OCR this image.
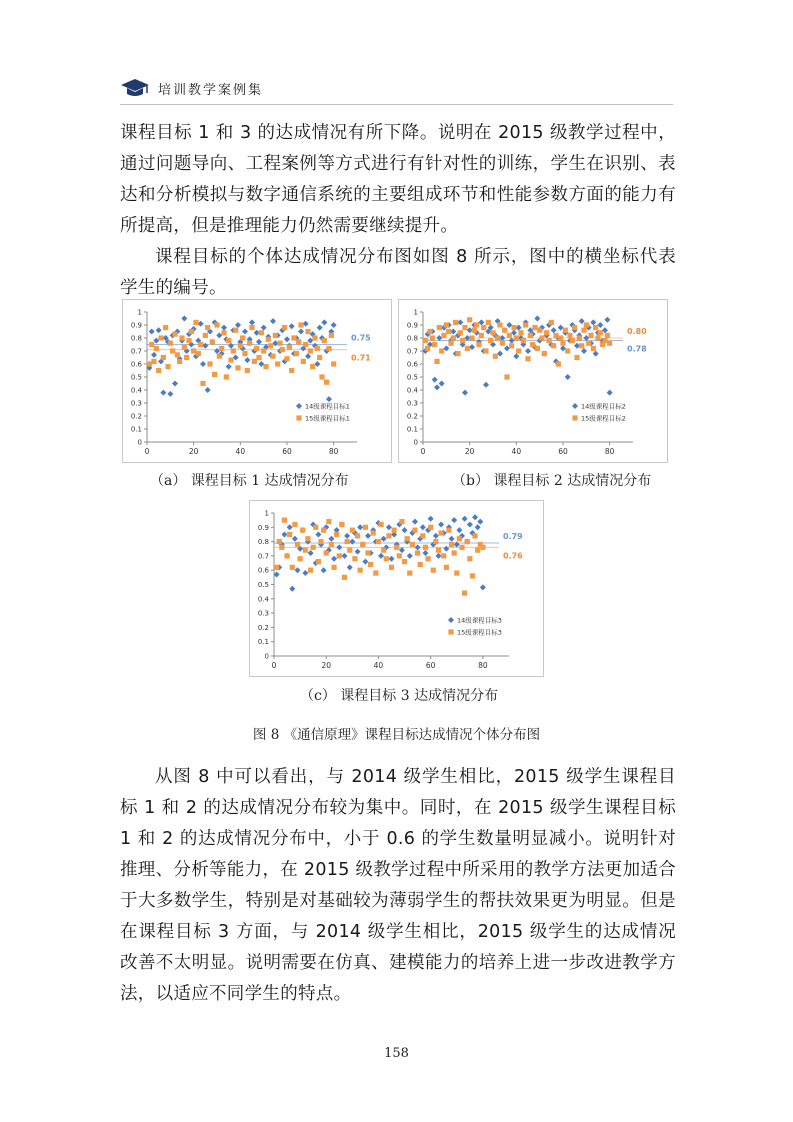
培训教学案例集

课程目标 1 和 3 的达成情况有所下降。说明在 2015 级教学过程中，通过问题导向、工程案例等方式进行有针对性的训练，学生在识别、表达和分析模拟与数字通信系统的主要组成环节和性能参数方面的能力有所提高，但是推理能力仍然需要继续提升。

课程目标的个体达成情况分布图如图 8 所示，图中的横坐标代表学生的编号。

0
0.1
0.2
0.3
0.4
0.5
0.6
0.7
0.8
0.9
1
0	20	40	60	80
0.75
0.71
14级课程目标1
15级课程目标1
0
0.1
0.2
0.3
0.4
0.5
0.6
0.7
0.8
0.9
1
0	20	40	60	80
0.80
0.78
14级课程目标2
15级课程目标2
0
0.1
0.2
0.3
0.4
0.5
0.6
0.7
0.8
0.9
1
0	20	40	60	80
0.79
0.76
14级课程目标3
15级课程目标3
（a） 课程目标 1 达成情况分布	（b） 课程目标 2 达成情况分布
（c） 课程目标 3 达成情况分布
图 8 《通信原理》课程目标达成情况个体分布图

从图 8 中可以看出，与 2014 级学生相比，2015 级学生课程目标 1 和 2 的达成情况分布较为集中。同时，在 2015 级学生课程目标 1 和 2 的达成情况分布中，小于 0.6 的学生数量明显减小。说明针对推理、分析等能力，在 2015 级教学过程中所采用的教学方法更加适合于大多数学生，特别是对基础较为薄弱学生的帮扶效果更为明显。但是在课程目标 3 方面，与 2014 级学生相比，2015 级学生的达成情况改善不太明显。说明需要在仿真、建模能力的培养上进一步改进教学方法，以适应不同学生的特点。

158
